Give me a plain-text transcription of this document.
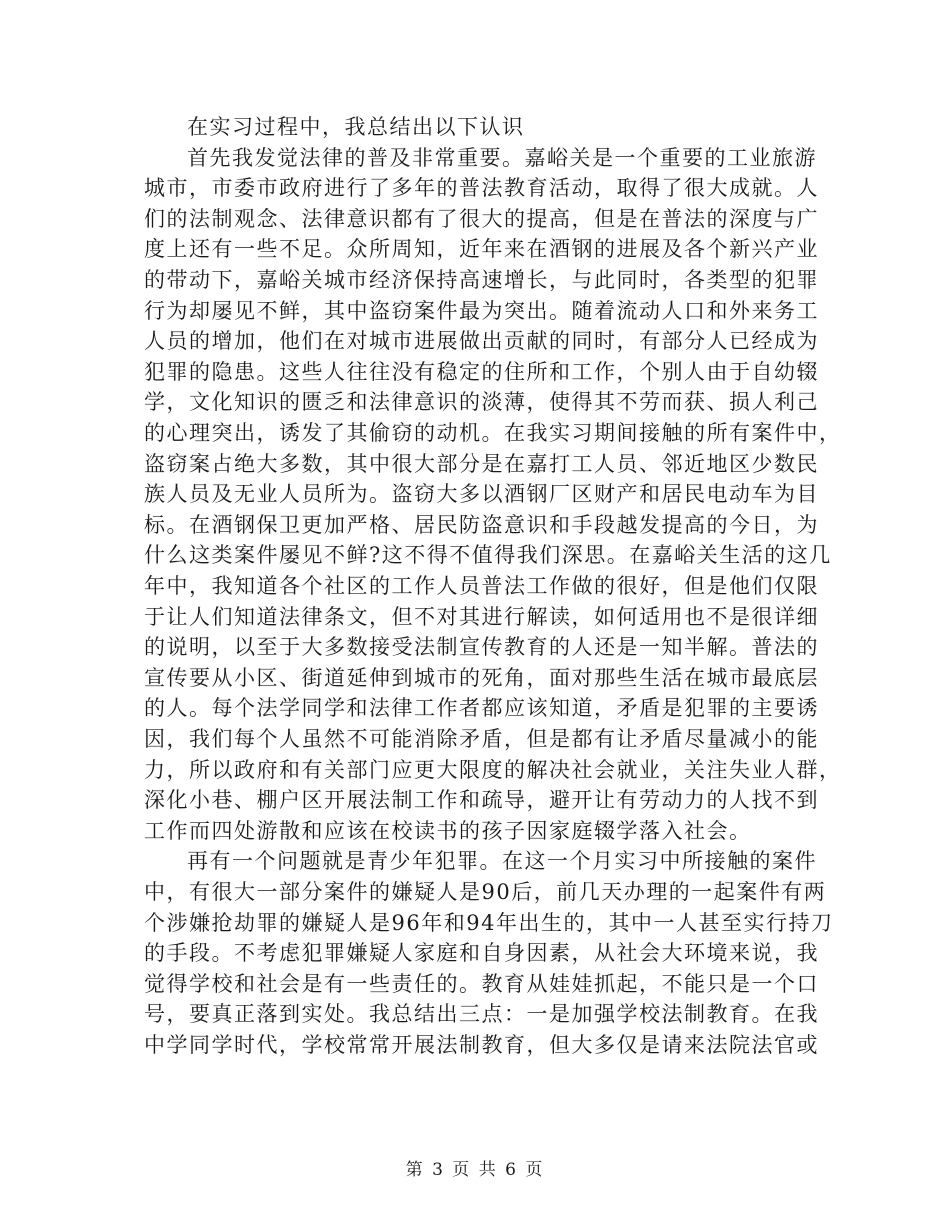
在实习过程中，我总结出以下认识
首先我发觉法律的普及非常重要。嘉峪关是一个重要的工业旅游
城市，市委市政府进行了多年的普法教育活动，取得了很大成就。人
们的法制观念、法律意识都有了很大的提高，但是在普法的深度与广
度上还有一些不足。众所周知，近年来在酒钢的进展及各个新兴产业
的带动下，嘉峪关城市经济保持高速增长，与此同时，各类型的犯罪
行为却屡见不鲜，其中盗窃案件最为突出。随着流动人口和外来务工
人员的增加，他们在对城市进展做出贡献的同时，有部分人已经成为
犯罪的隐患。这些人往往没有稳定的住所和工作，个别人由于自幼辍
学，文化知识的匮乏和法律意识的淡薄，使得其不劳而获、损人利己
的心理突出，诱发了其偷窃的动机。在我实习期间接触的所有案件中，
盗窃案占绝大多数，其中很大部分是在嘉打工人员、邻近地区少数民
族人员及无业人员所为。盗窃大多以酒钢厂区财产和居民电动车为目
标。在酒钢保卫更加严格、居民防盗意识和手段越发提高的今日，为
什么这类案件屡见不鲜?这不得不值得我们深思。在嘉峪关生活的这几
年中，我知道各个社区的工作人员普法工作做的很好，但是他们仅限
于让人们知道法律条文，但不对其进行解读，如何适用也不是很详细
的说明，以至于大多数接受法制宣传教育的人还是一知半解。普法的
宣传要从小区、街道延伸到城市的死角，面对那些生活在城市最底层
的人。每个法学同学和法律工作者都应该知道，矛盾是犯罪的主要诱
因，我们每个人虽然不可能消除矛盾，但是都有让矛盾尽量减小的能
力，所以政府和有关部门应更大限度的解决社会就业，关注失业人群，
深化小巷、棚户区开展法制工作和疏导，避开让有劳动力的人找不到
工作而四处游散和应该在校读书的孩子因家庭辍学落入社会。
再有一个问题就是青少年犯罪。在这一个月实习中所接触的案件
中，有很大一部分案件的嫌疑人是90后，前几天办理的一起案件有两
个涉嫌抢劫罪的嫌疑人是96年和94年出生的，其中一人甚至实行持刀
的手段。不考虑犯罪嫌疑人家庭和自身因素，从社会大环境来说，我
觉得学校和社会是有一些责任的。教育从娃娃抓起，不能只是一个口
号，要真正落到实处。我总结出三点：一是加强学校法制教育。在我
中学同学时代，学校常常开展法制教育，但大多仅是请来法院法官或
第 3 页 共 6 页
